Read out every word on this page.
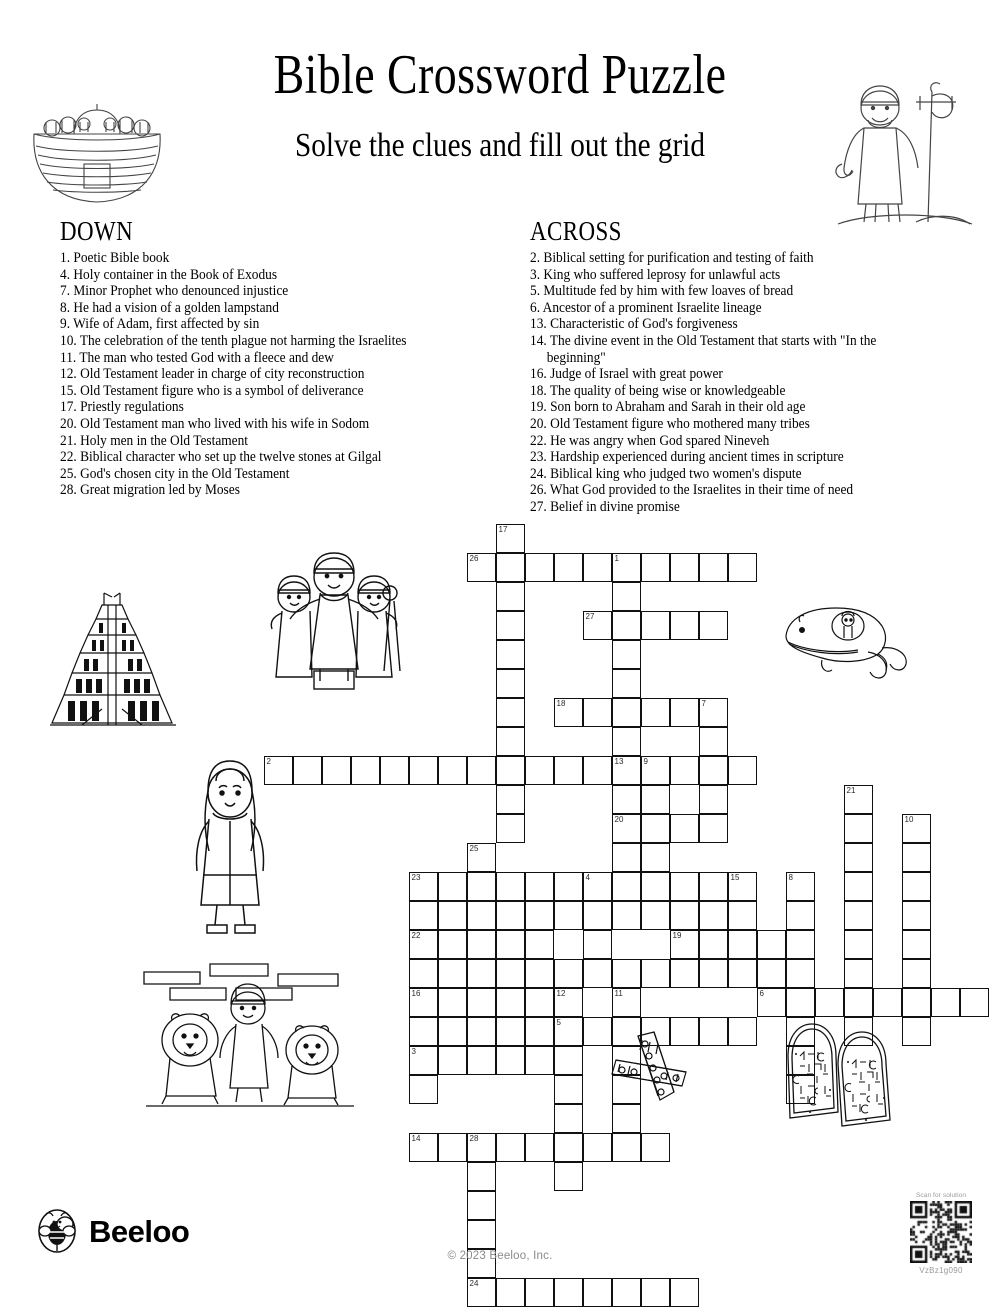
Bible Crossword Puzzle
Solve the clues and fill out the grid
DOWN
1. Poetic Bible book
4. Holy container in the Book of Exodus
7. Minor Prophet who denounced injustice
8. He had a vision of a golden lampstand
9. Wife of Adam, first affected by sin
10. The celebration of the tenth plague not harming the Israelites
11. The man who tested God with a fleece and dew
12. Old Testament leader in charge of city reconstruction
15. Old Testament figure who is a symbol of deliverance
17. Priestly regulations
20. Old Testament man who lived with his wife in Sodom
21. Holy men in the Old Testament
22. Biblical character who set up the twelve stones at Gilgal
25. God's chosen city in the Old Testament
28. Great migration led by Moses
ACROSS
2. Biblical setting for purification and testing of faith
3. King who suffered leprosy for unlawful acts
5. Multitude fed by him with few loaves of bread
6. Ancestor of a prominent Israelite lineage
13. Characteristic of God's forgiveness
14. The divine event in the Old Testament that starts with "In the beginning"
16. Judge of Israel with great power
18. The quality of being wise or knowledgeable
19. Son born to Abraham and Sarah in their old age
20. Old Testament figure who mothered many tribes
22. He was angry when God spared Nineveh
23. Hardship experienced during ancient times in scripture
24. Biblical king who judged two women's dispute
26. What God provided to the Israelites in their time of need
27. Belief in divine promise
17
26	1
27
18	7
2	13	9
21
20	10
25
23	4	15	8
22	19
16	12
5
11	6
3
14	28
24
Beeloo
© 2023 Beeloo, Inc.
Scan for solution
VzBz1g090
